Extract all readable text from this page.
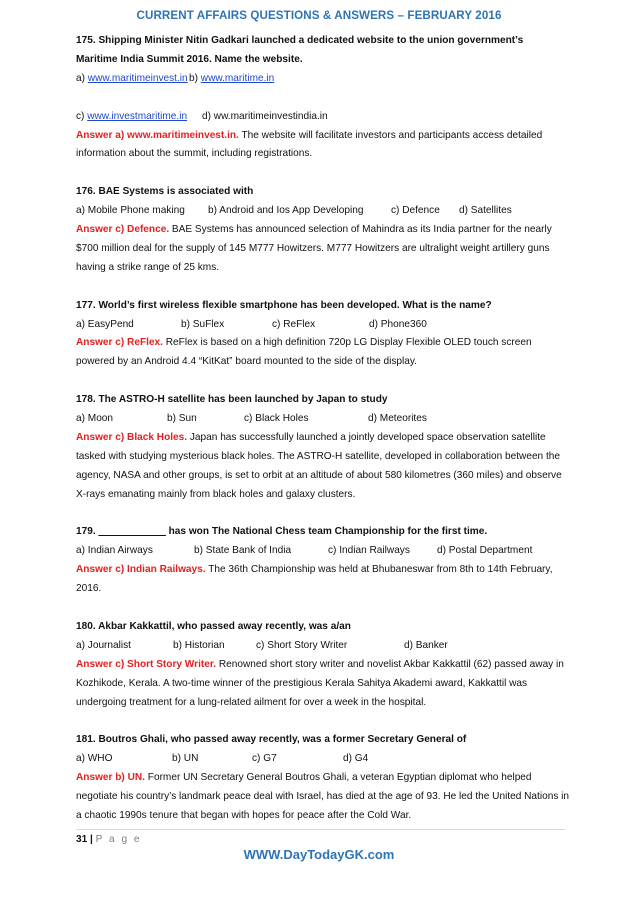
CURRENT AFFAIRS QUESTIONS & ANSWERS – FEBRUARY 2016
175. Shipping Minister Nitin Gadkari launched a dedicated website to the union government’s
Maritime India Summit 2016. Name the website.
a) www.maritimeinvest.in b) www.maritime.in
c) www.investmaritime.in	d) ww.maritimeinvestindia.in
Answer a) www.maritimeinvest.in. The website will facilitate investors and participants access detailed information about the summit, including registrations.
176. BAE Systems is associated with
a) Mobile Phone making	b) Android and Ios App Developing	c) Defence	d) Satellites
Answer c) Defence. BAE Systems has announced selection of Mahindra as its India partner for the nearly $700 million deal for the supply of 145 M777 Howitzers. M777 Howitzers are ultralight weight artillery guns having a strike range of 25 kms.
177. World’s first wireless flexible smartphone has been developed. What is the name?
a) EasyPend	b) SuFlex	c) ReFlex	d) Phone360
Answer c) ReFlex. ReFlex is based on a high definition 720p LG Display Flexible OLED touch screen powered by an Android 4.4 “KitKat” board mounted to the side of the display.
178. The ASTRO-H satellite has been launched by Japan to study
a) Moon	b) Sun	c) Black Holes	d) Meteorites
Answer c) Black Holes. Japan has successfully launched a jointly developed space observation satellite tasked with studying mysterious black holes. The ASTRO-H satellite, developed in collaboration between the agency, NASA and other groups, is set to orbit at an altitude of about 580 kilometres (360 miles) and observe X-rays emanating mainly from black holes and galaxy clusters.
179. ____________ has won The National Chess team Championship for the first time.
a) Indian Airways	b) State Bank of India	c) Indian Railways	d) Postal Department
Answer c) Indian Railways. The 36th Championship was held at Bhubaneswar from 8th to 14th February, 2016.
180. Akbar Kakkattil, who passed away recently, was a/an
a) Journalist	b) Historian	c) Short Story Writer	d) Banker
Answer c) Short Story Writer. Renowned short story writer and novelist Akbar Kakkattil (62) passed away in Kozhikode, Kerala. A two-time winner of the prestigious Kerala Sahitya Akademi award, Kakkattil was undergoing treatment for a lung-related ailment for over a week in the hospital.
181. Boutros Ghali, who passed away recently, was a former Secretary General of
a) WHO	b) UN	c) G7	d) G4
Answer b) UN. Former UN Secretary General Boutros Ghali, a veteran Egyptian diplomat who helped negotiate his country’s landmark peace deal with Israel, has died at the age of 93. He led the United Nations in a chaotic 1990s tenure that began with hopes for peace after the Cold War.
31 | P a g e
WWW.DayTodayGK.com
